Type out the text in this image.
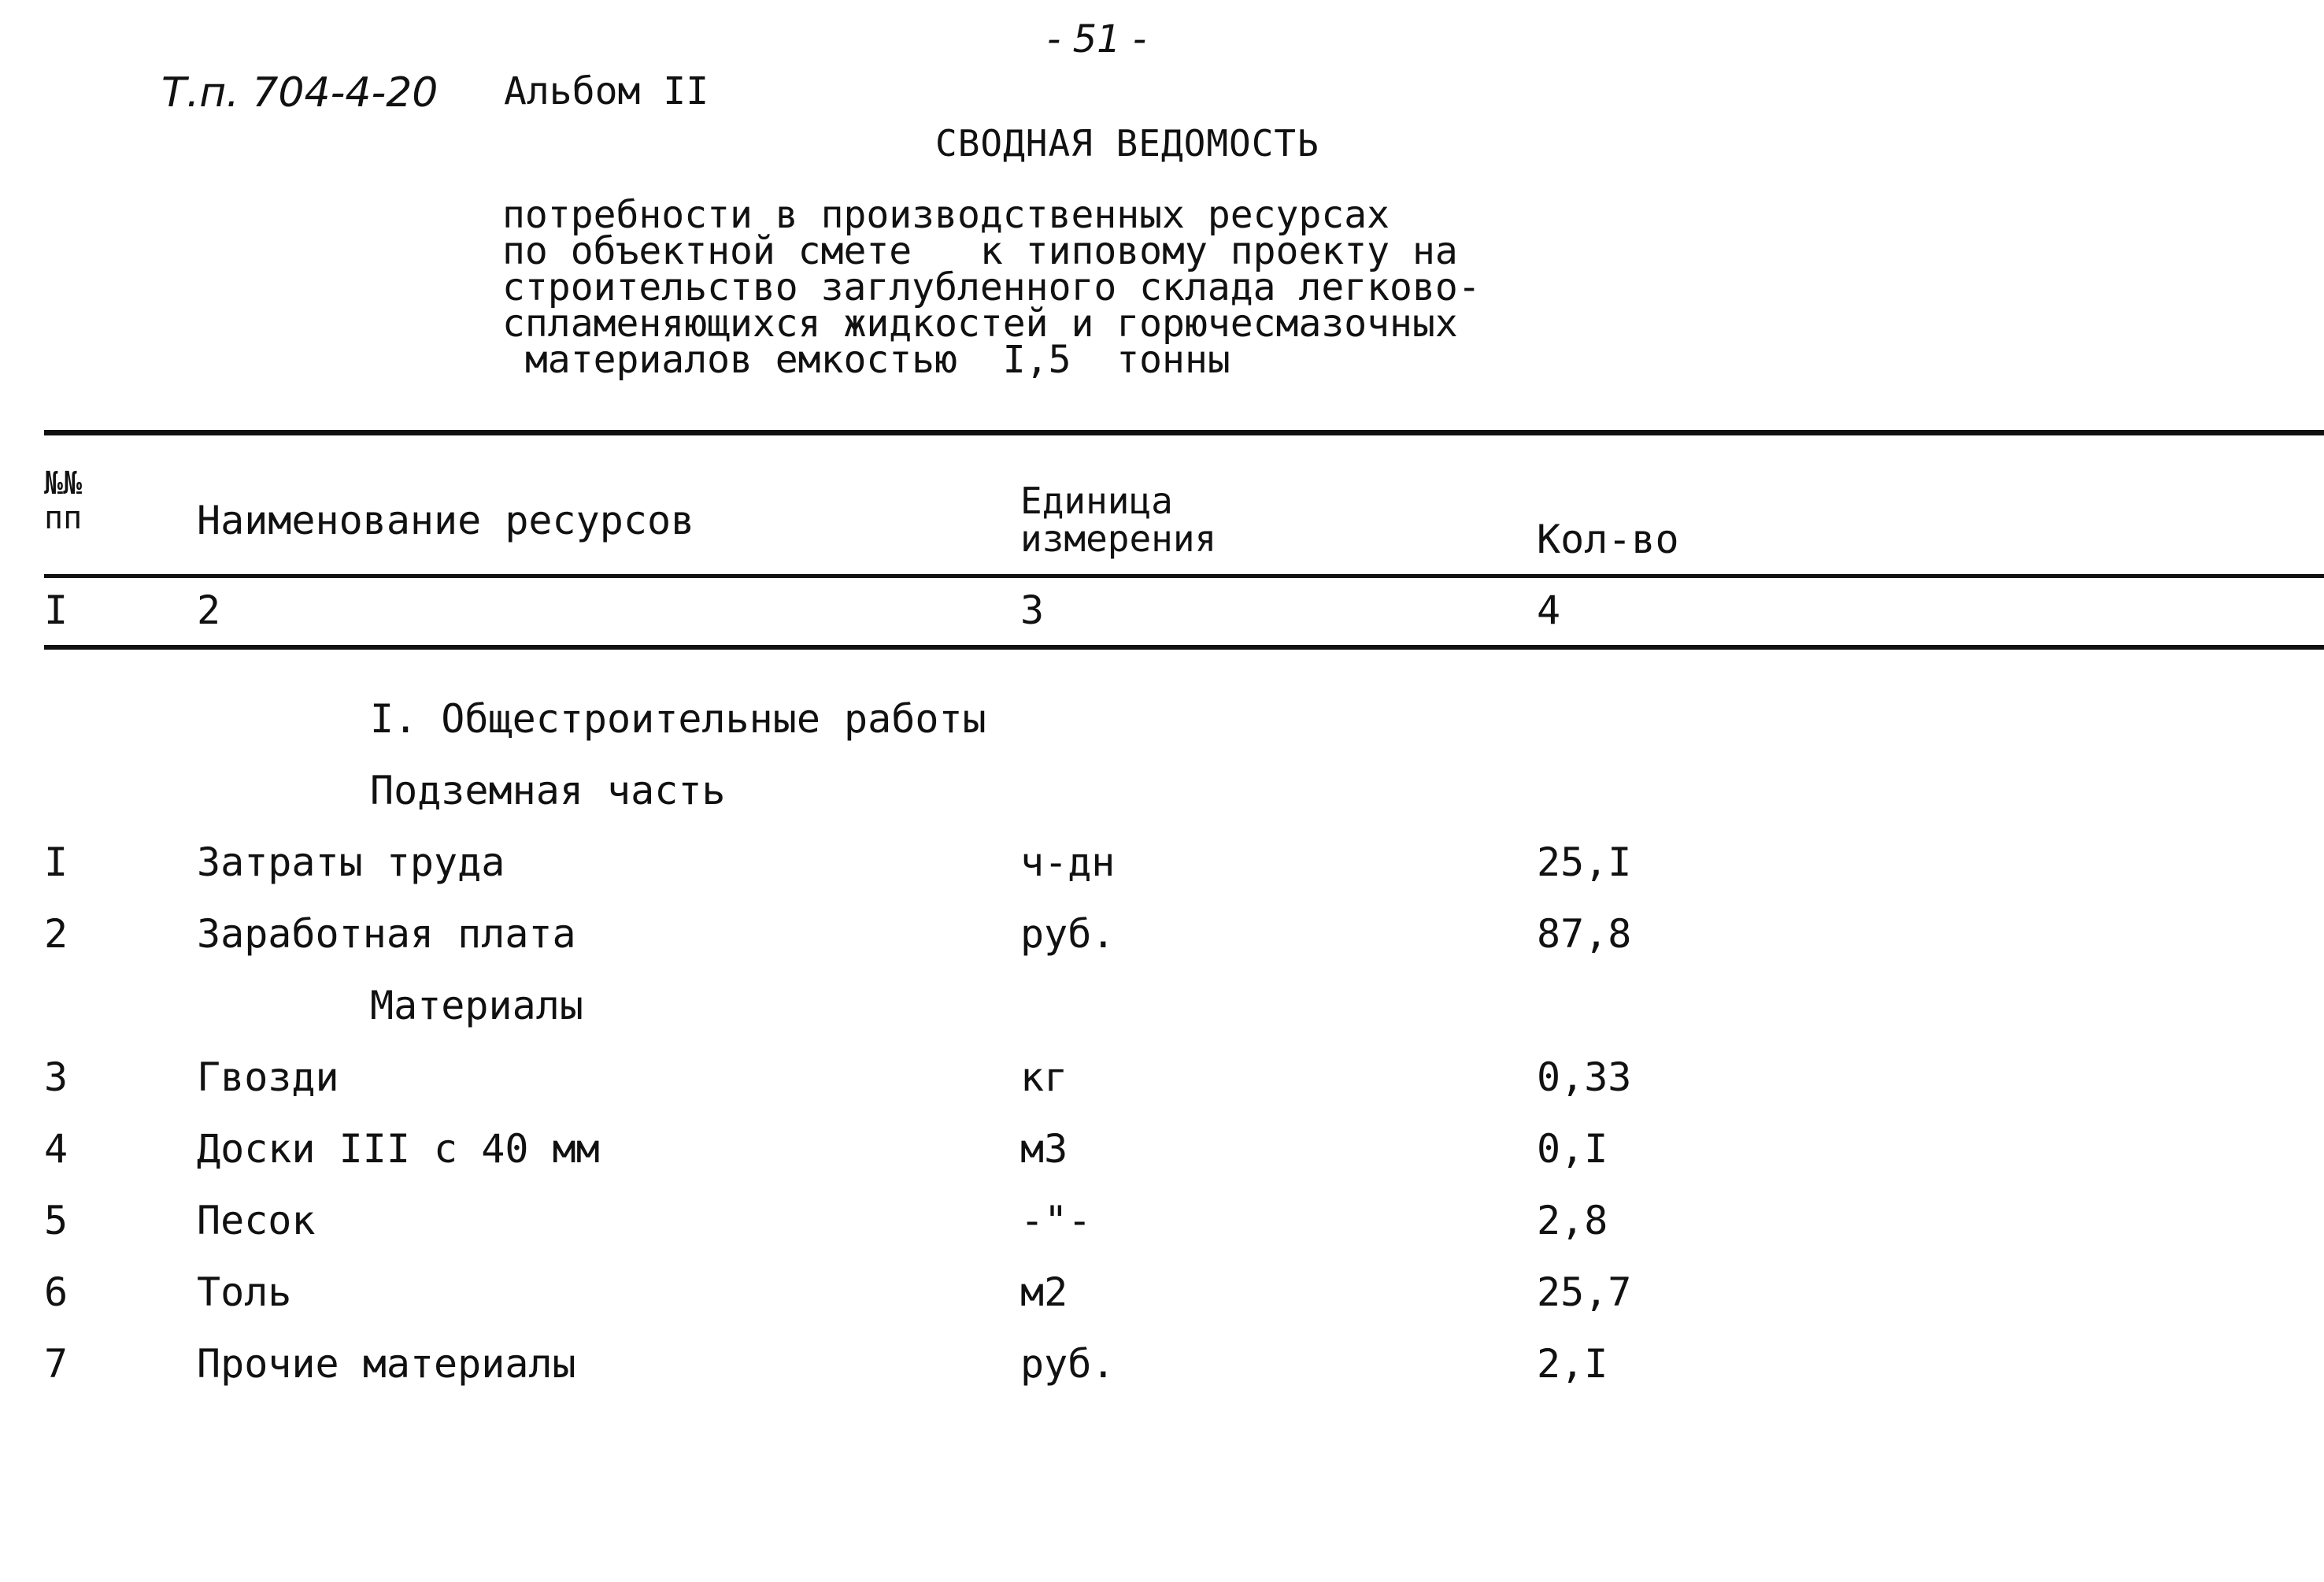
- 51 -
Т.п. 704-4-20 Альбом II
СВОДНАЯ ВЕДОМОСТЬ
потребности в производственных ресурсах
по объектной смете   к типовому проекту на
строительство заглубленного склада легково-
спламеняющихся жидкостей и горючесмазочных
материалов емкостью  I,5  тонны
№№ пп	Наименование ресурсов	Единица измерения	Кол-во
I	2	3	4
I. Общестроительные работы
Подземная часть
I	Затраты труда	ч-дн	25,I
2	Заработная плата	руб.	87,8
Материалы
3	Гвозди	кг	0,33
4	Доски III с 40 мм	м3	0,I
5	Песок	-"-	2,8
6	Толь	м2	25,7
7	Прочие материалы	руб.	2,I
